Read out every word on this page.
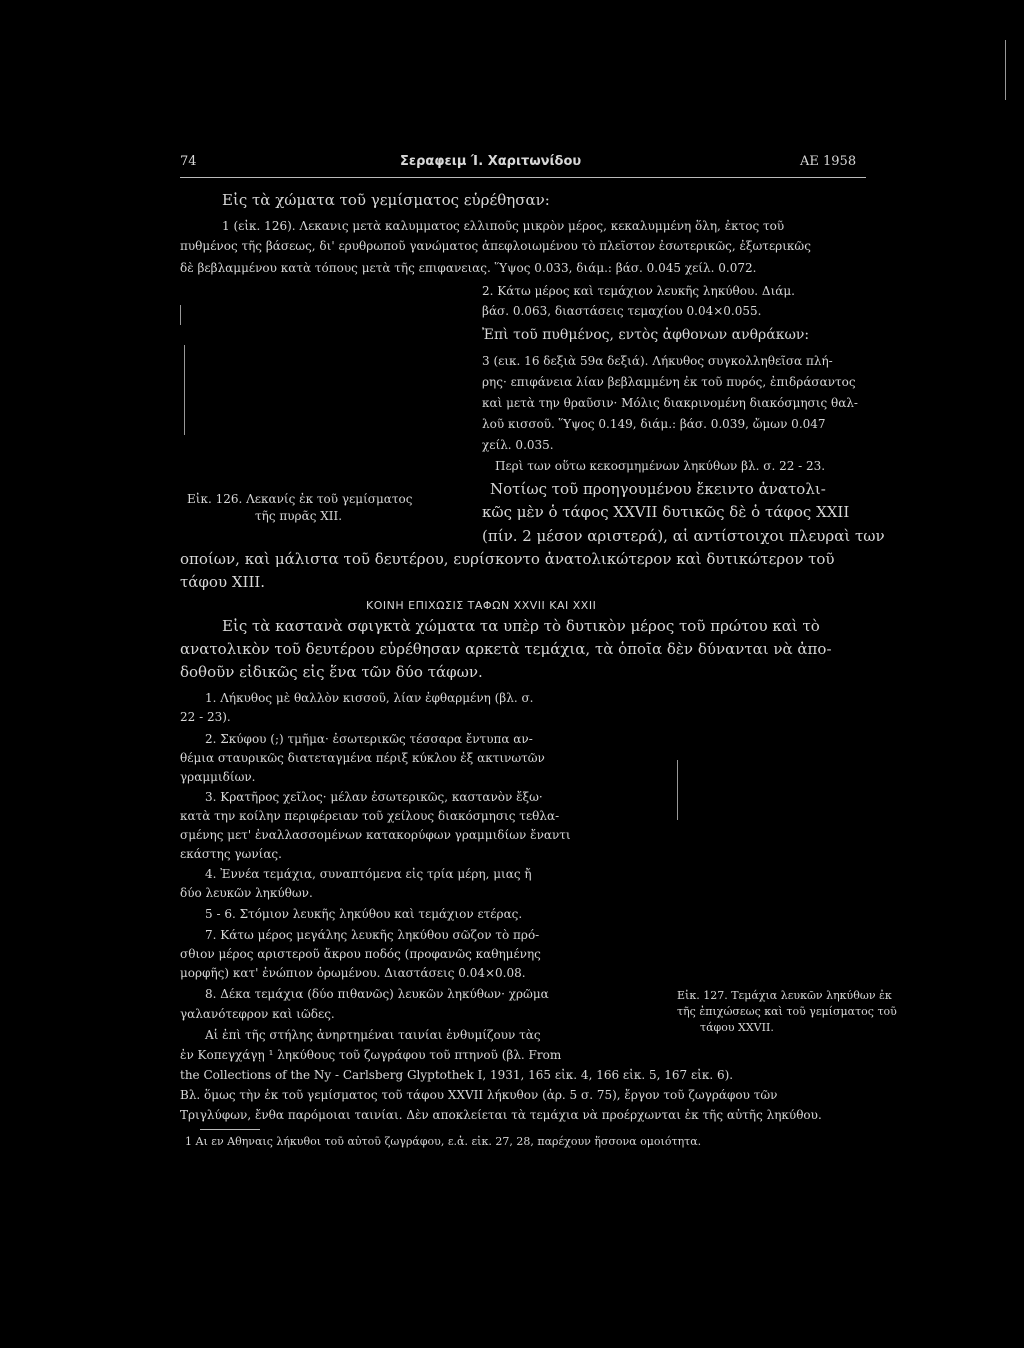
74	Σεραφειμ Ί. Χαριτωνίδου	ΑΕ 1958
Εἰς τὰ χώματα τοῦ γεμίσματος εὑρέθησαν:
1 (εἰκ. 126). Λεκανις μετὰ καλυμματος ελλιποῦς μικρὸν μέρος, κεκαλυμμένη ὅλη, ἐκτος τοῦ
πυθμένος τῆς βάσεως, δι' ερυθρωποῦ γανώματος ἀπεφλοιωμένου τὸ πλεῖστον ἐσωτερικῶς, ἐξωτερικῶς
δὲ βεβλαμμένου κατὰ τόπους μετὰ τῆς επιφανειας. Ὕψος 0.033, διάμ.: βάσ. 0.045 χείλ. 0.072.
Εἰκ. 126. Λεκανίς ἐκ τοῦ γεμίσματος
τῆς πυρᾶς XII.
2. Κάτω μέρος καὶ τεμάχιον λευκῆς ληκύθου. Διάμ.
βάσ. 0.063, διαστάσεις τεμαχίου 0.04×0.055.
Ἐπὶ τοῦ πυθμένος, εντὸς ἀφθονων ανθράκων:
3 (εικ. 16 δεξιὰ 59α δεξιά). Λήκυθος συγκολληθεῖσα πλή-
ρης· επιφάνεια λίαν βεβλαμμένη ἐκ τοῦ πυρός, ἐπιδράσαντος
καὶ μετὰ την θραῦσιν· Μόλις διακρινομένη διακόσμησις θαλ-
λοῦ κισσοῦ. Ὕψος 0.149, διάμ.: βάσ. 0.039, ὤμων 0.047
χείλ. 0.035.
Περὶ των οὕτω κεκοσμημένων ληκύθων βλ. σ. 22 - 23.
Νοτίως τοῦ προηγουμένου ἔκειντο ἀνατολι-
κῶς μὲν ὁ τάφος XXVII δυτικῶς δὲ ὁ τάφος XXII
(πίν. 2 μέσον αριστερά), αἱ αντίστοιχοι πλευραὶ των
οποίων, καὶ μάλιστα τοῦ δευτέρου, ευρίσκοντο ἀνατολικώτερον καὶ δυτικώτερον τοῦ
τάφου XIII.
ΚΟΙΝΗ ΕΠΙΧΩΣΙΣ ΤΑΦΩΝ XXVII ΚΑΙ XXII
Εἰς τὰ καστανὰ σφιγκτὰ χώματα τα υπὲρ τὸ δυτικὸν μέρος τοῦ πρώτου καὶ τὸ
ανατολικὸν τοῦ δευτέρου εὑρέθησαν αρκετὰ τεμάχια, τὰ ὁποῖα δὲν δύνανται νὰ ἀπο-
δοθοῦν εἰδικῶς εἰς ἕνα τῶν δύο τάφων.
1. Λήκυθος μὲ θαλλὸν κισσοῦ, λίαν ἐφθαρμένη (βλ. σ.
22 - 23).
2. Σκύφου (;) τμῆμα· ἐσωτερικῶς τέσσαρα ἔντυπα αν-
θέμια σταυρικῶς διατεταγμένα πέριξ κύκλου ἐξ ακτινωτῶν
γραμμιδίων.
3. Κρατῆρος χεῖλος· μέλαν ἐσωτερικῶς, καστανὸν ἔξω·
κατὰ την κοίλην περιφέρειαν τοῦ χείλους διακόσμησις τεθλα-
σμένης μετ' ἐναλλασσομένων κατακορύφων γραμμιδίων ἔναντι
εκάστης γωνίας.
4. Ἐννέα τεμάχια, συναπτόμενα εἰς τρία μέρη, μιας ἤ
δύο λευκῶν ληκύθων.
5 - 6. Στόμιον λευκῆς ληκύθου καὶ τεμάχιον ετέρας.
7. Κάτω μέρος μεγάλης λευκῆς ληκύθου σῶζον τὸ πρό-
σθιον μέρος αριστεροῦ ἄκρου ποδός (προφανῶς καθημένης
μορφῆς) κατ' ἐνώπιον ὁρωμένου. Διαστάσεις 0.04×0.08.
8. Δέκα τεμάχια (δύο πιθανῶς) λευκῶν ληκύθων· χρῶμα
γαλανότεφρον καὶ ιῶδες.
Εἰκ. 127. Τεμάχια λευκῶν ληκύθων ἐκ
τῆς ἐπιχώσεως καὶ τοῦ γεμίσματος τοῦ
τάφου XXVII.
Αἱ ἐπὶ τῆς στήλης ἀνηρτημέναι ταινίαι ἐνθυμίζουν τὰς
ἐν Κοπεγχάγῃ ¹ ληκύθους τοῦ ζωγράφου τοῦ πτηνοῦ (βλ. From
the Collections of the Ny - Carlsberg Glyptothek I, 1931, 165 εἰκ. 4, 166 εἰκ. 5, 167 εἰκ. 6).
Βλ. ὅμως τὴν ἐκ τοῦ γεμίσματος τοῦ τάφου XXVII λήκυθον (ἀρ. 5 σ. 75), ἔργον τοῦ ζωγράφου τῶν
Τριγλύφων, ἔνθα παρόμοιαι ταινίαι. Δὲν αποκλείεται τὰ τεμάχια νὰ προέρχωνται ἐκ τῆς αὐτῆς ληκύθου.
1 Αι εν Αθηναις λήκυθοι τοῦ αὐτοῦ ζωγράφου, ε.ἀ. εἰκ. 27, 28, παρέχουν ἥσσονα ομοιότητα.
